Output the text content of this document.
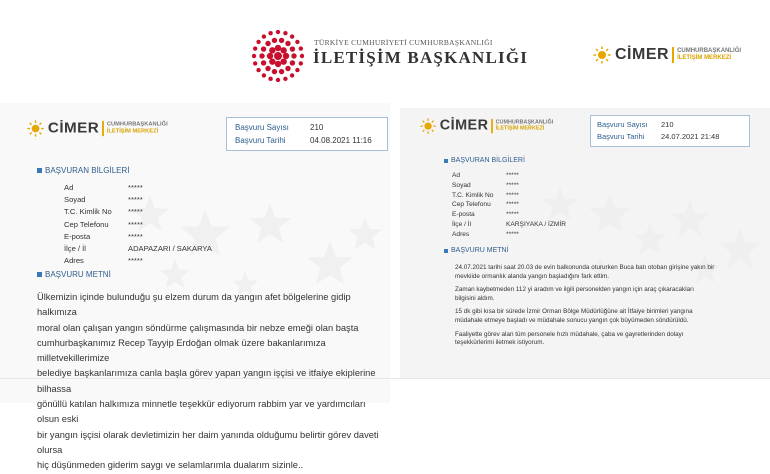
TÜRKİYE CUMHURİYETİ CUMHURBAŞKANLIĞI
İLETİŞİM BAŞKANLIĞI	CİMER CUMHURBAŞKANLIĞI
İLETİŞİM MERKEZİ
CİMER CUMHURBAŞKANLIĞI
İLETİŞİM MERKEZİ	Başvuru Sayısı	210
Başvuru Tarihi	04.08.2021 11:16
BAŞVURAN BİLGİLERİ
Ad	*****
Soyad	*****
T.C. Kimlik No *****
Cep Telefonu	*****
E-posta	*****
İlçe / İl	ADAPAZARI / SAKARYA
Adres	*****
BAŞVURU METNİ
Ülkemizin içinde bulunduğu şu elzem durum da yangın afet bölgelerine gidip halkımıza
moral olan çalışan yangın söndürme çalışmasında bir nebze emeği olan başta
cumhurbaşkanımız Recep Tayyip Erdoğan olmak üzere bakanlarımıza milletvekillerimize
belediye başkanlarımıza canla başla görev yapan yangın işçisi ve itfaiye ekiplerine bilhassa
gönüllü katılan halkımıza minnetle teşekkür ediyorum rabbim yar ve yardımcıları olsun eski
bir yangın işçisi olarak devletimizin her daim yanında olduğumu belirtir görev daveti olursa
hiç düşünmeden giderim saygı ve selamlarımla dualarım sizinle..
CİMER CUMHURBAŞKANLIĞI
İLETİŞİM MERKEZİ	Başvuru Sayısı 210
Başvuru Tarihi 24.07.2021 21:48
BAŞVURAN BİLGİLERİ
Ad	*****
Soyad	*****
T.C. Kimlik No *****
Cep Telefonu *****
E-posta	*****
İlçe / İl	KARŞIYAKA / İZMİR
Adres	*****
BAŞVURU METNİ
24.07.2021 tarihi saat 20.03 de evin balkonunda otururken Buca batı otoban girişine yakın bir
mevkiide ormanlık alanda yangın başladığını fark ettim.
Zaman kaybetmeden 112 yi aradım ve ilgili personelden yangın için araç çıkaracakları
bilgisini aldım.
15 dk gibi kısa bir sürede İzmir Orman Bölge Müdürlüğüne ait İtfaiye birimleri yangına
müdahale etmeye başladı ve müdahale sonucu yangın çok büyümeden söndürüldü.
Faaliyette görev alan tüm personele hızlı müdahale, çaba ve gayretlerinden dolayı
teşekkürlerimi iletmek istiyorum.
